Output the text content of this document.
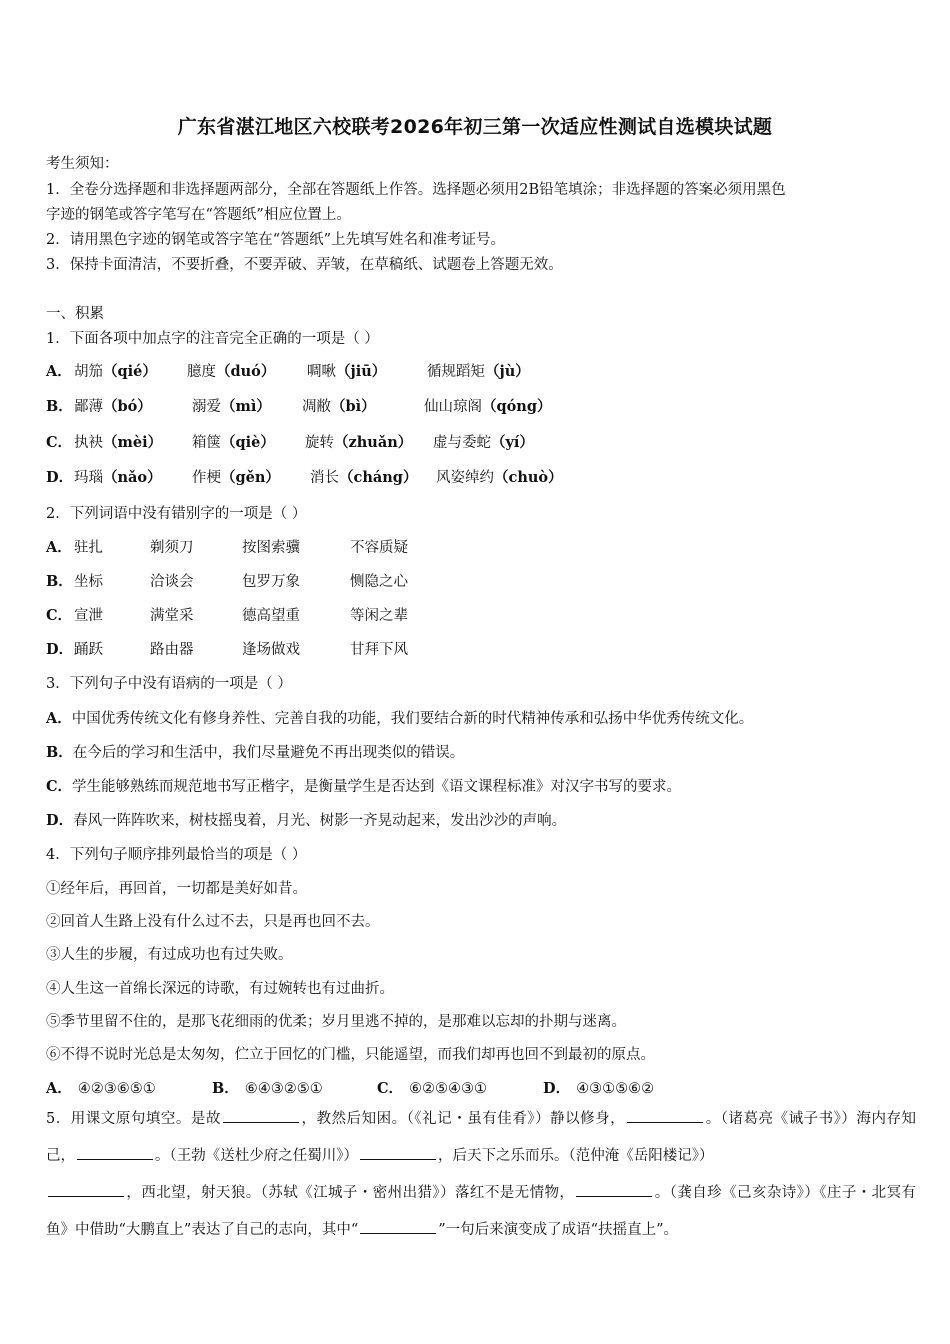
广东省湛江地区六校联考2026年初三第一次适应性测试自选模块试题
考生须知：
1．全卷分选择题和非选择题两部分，全部在答题纸上作答。选择题必须用2B铅笔填涂；非选择题的答案必须用黑色
字迹的钢笔或答字笔写在“答题纸”相应位置上。
2．请用黑色字迹的钢笔或答字笔在“答题纸”上先填写姓名和准考证号。
3．保持卡面清洁，不要折叠，不要弄破、弄皱，在草稿纸、试题卷上答题无效。
一、积累
1．下面各项中加点字的注音完全正确的一项是（ ）
A． 胡笳（qié） 臆度（duó） 啁啾（jiū）	循规蹈矩（jù）
B． 鄙薄（bó）	溺爱（mì） 凋敝（bì）	仙山琼阁（qóng）
C． 执袂（mèi） 箱箧（qiè） 旋转（zhuǎn） 虚与委蛇（yí）
D． 玛瑙（nǎo） 作梗（gěn） 消长（cháng） 风姿绰约（chuò）
2．下列词语中没有错别字的一项是（ ）
A． 驻扎	剃须刀	按图索骥	不容质疑
B． 坐标	洽谈会	包罗万象	恻隐之心
C． 宣泄	满堂采	德高望重	等闲之辈
D． 踊跃	路由器	逢场做戏	甘拜下风
3．下列句子中没有语病的一项是（ ）
A．中国优秀传统文化有修身养性、完善自我的功能，我们要结合新的时代精神传承和弘扬中华优秀传统文化。
B．在今后的学习和生活中，我们尽量避免不再出现类似的错误。
C．学生能够熟练而规范地书写正楷字，是衡量学生是否达到《语文课程标准》对汉字书写的要求。
D．春风一阵阵吹来，树枝摇曳着，月光、树影一齐晃动起来，发出沙沙的声响。
4．下列句子顺序排列最恰当的项是（ ）
①经年后，再回首，一切都是美好如昔。
②回首人生路上没有什么过不去，只是再也回不去。
③人生的步履，有过成功也有过失败。
④人生这一首绵长深远的诗歌，有过婉转也有过曲折。
⑤季节里留不住的，是那飞花细雨的优柔；岁月里逃不掉的，是那难以忘却的扑期与迷离。
⑥不得不说时光总是太匆匆，伫立于回忆的门槛，只能遥望，而我们却再也回不到最初的原点。
A． ④②③⑥⑤①	B． ⑥④③②⑤①	C． ⑥②⑤④③①	D． ④③①⑤⑥②
5．用课文原句填空。是故	，教然后知困。（《礼记・虽有佳肴》）静以修身，	。（诸葛亮《诫子书》）海内存知己，	。（王勃《送杜少府之任蜀川》）	，后天下之乐而乐。（范仲淹《岳阳楼记》）
，西北望，射天狼。（苏轼《江城子・密州出猎》）落红不是无情物，	。（龚自珍《己亥杂诗》）《庄子・北冥有鱼》中借助“大鹏直上”表达了自己的志向，其中“	”一句后来演变成了成语“扶摇直上”。
